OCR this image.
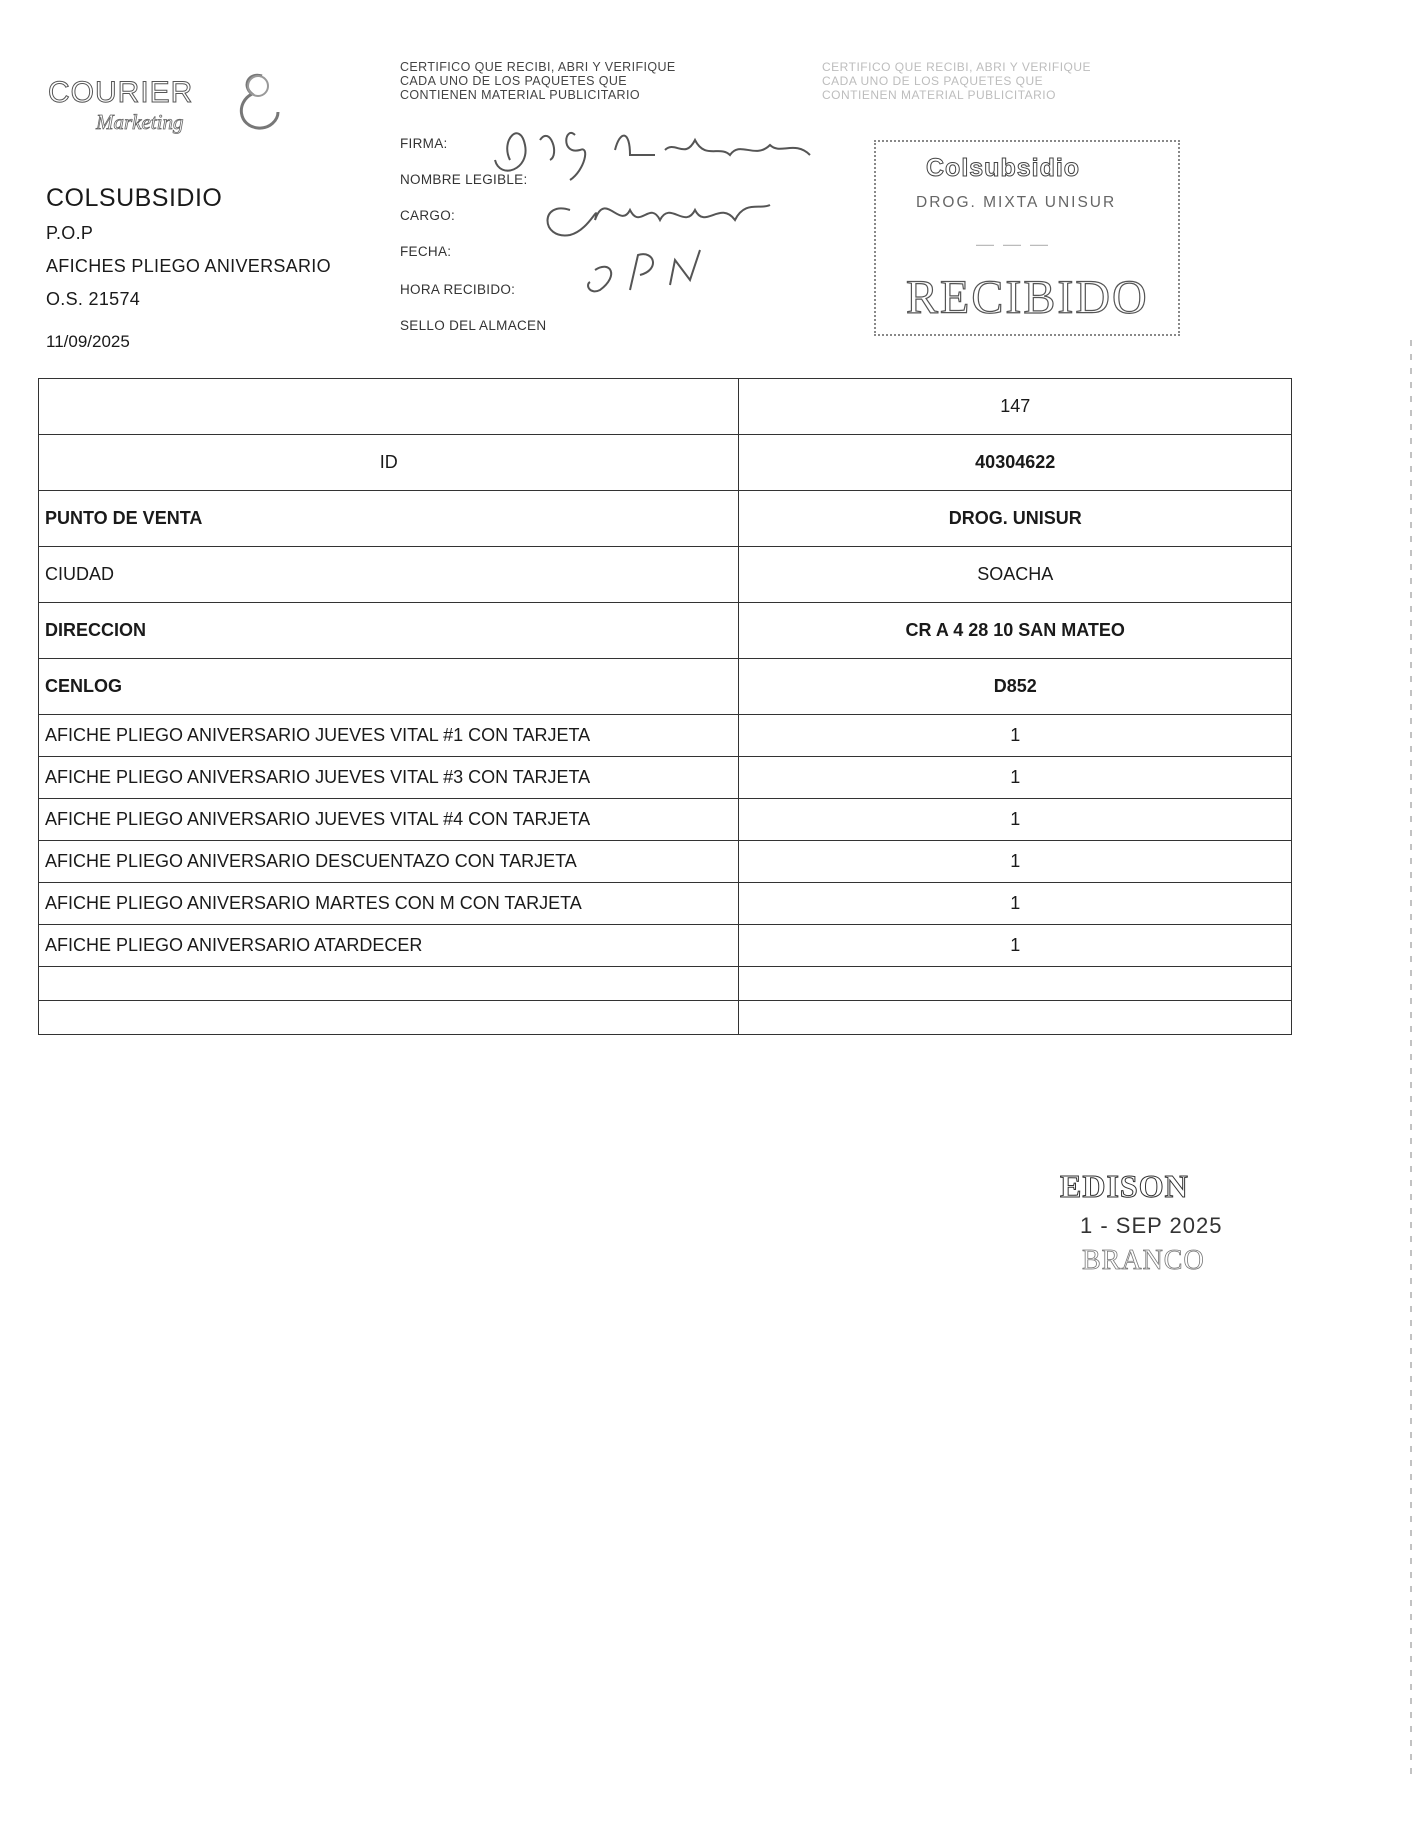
COURIER
Marketing
COLSUBSIDIO
P.O.P
AFICHES PLIEGO ANIVERSARIO
O.S. 21574
11/09/2025
CERTIFICO QUE RECIBI, ABRI Y VERIFIQUE
CADA UNO DE LOS PAQUETES QUE
CONTIENEN MATERIAL PUBLICITARIO
FIRMA:
NOMBRE LEGIBLE:
CARGO:
FECHA:
HORA RECIBIDO:
SELLO DEL ALMACEN
CERTIFICO QUE RECIBI, ABRI Y VERIFIQUE
CADA UNO DE LOS PAQUETES QUE
CONTIENEN MATERIAL PUBLICITARIO
Colsubsidio
DROG. MIXTA UNISUR
— — —
RECIBIDO
	147
ID	40304622
PUNTO DE VENTA	DROG. UNISUR
CIUDAD	SOACHA
DIRECCION	CR A 4 28 10 SAN MATEO
CENLOG	D852
AFICHE PLIEGO ANIVERSARIO JUEVES VITAL #1 CON TARJETA	1
AFICHE PLIEGO ANIVERSARIO JUEVES VITAL #3 CON TARJETA	1
AFICHE PLIEGO ANIVERSARIO JUEVES VITAL #4 CON TARJETA	1
AFICHE PLIEGO ANIVERSARIO DESCUENTAZO CON TARJETA	1
AFICHE PLIEGO ANIVERSARIO MARTES CON M CON TARJETA	1
AFICHE PLIEGO ANIVERSARIO ATARDECER	1

EDISON
1 - SEP 2025
BRANCO
